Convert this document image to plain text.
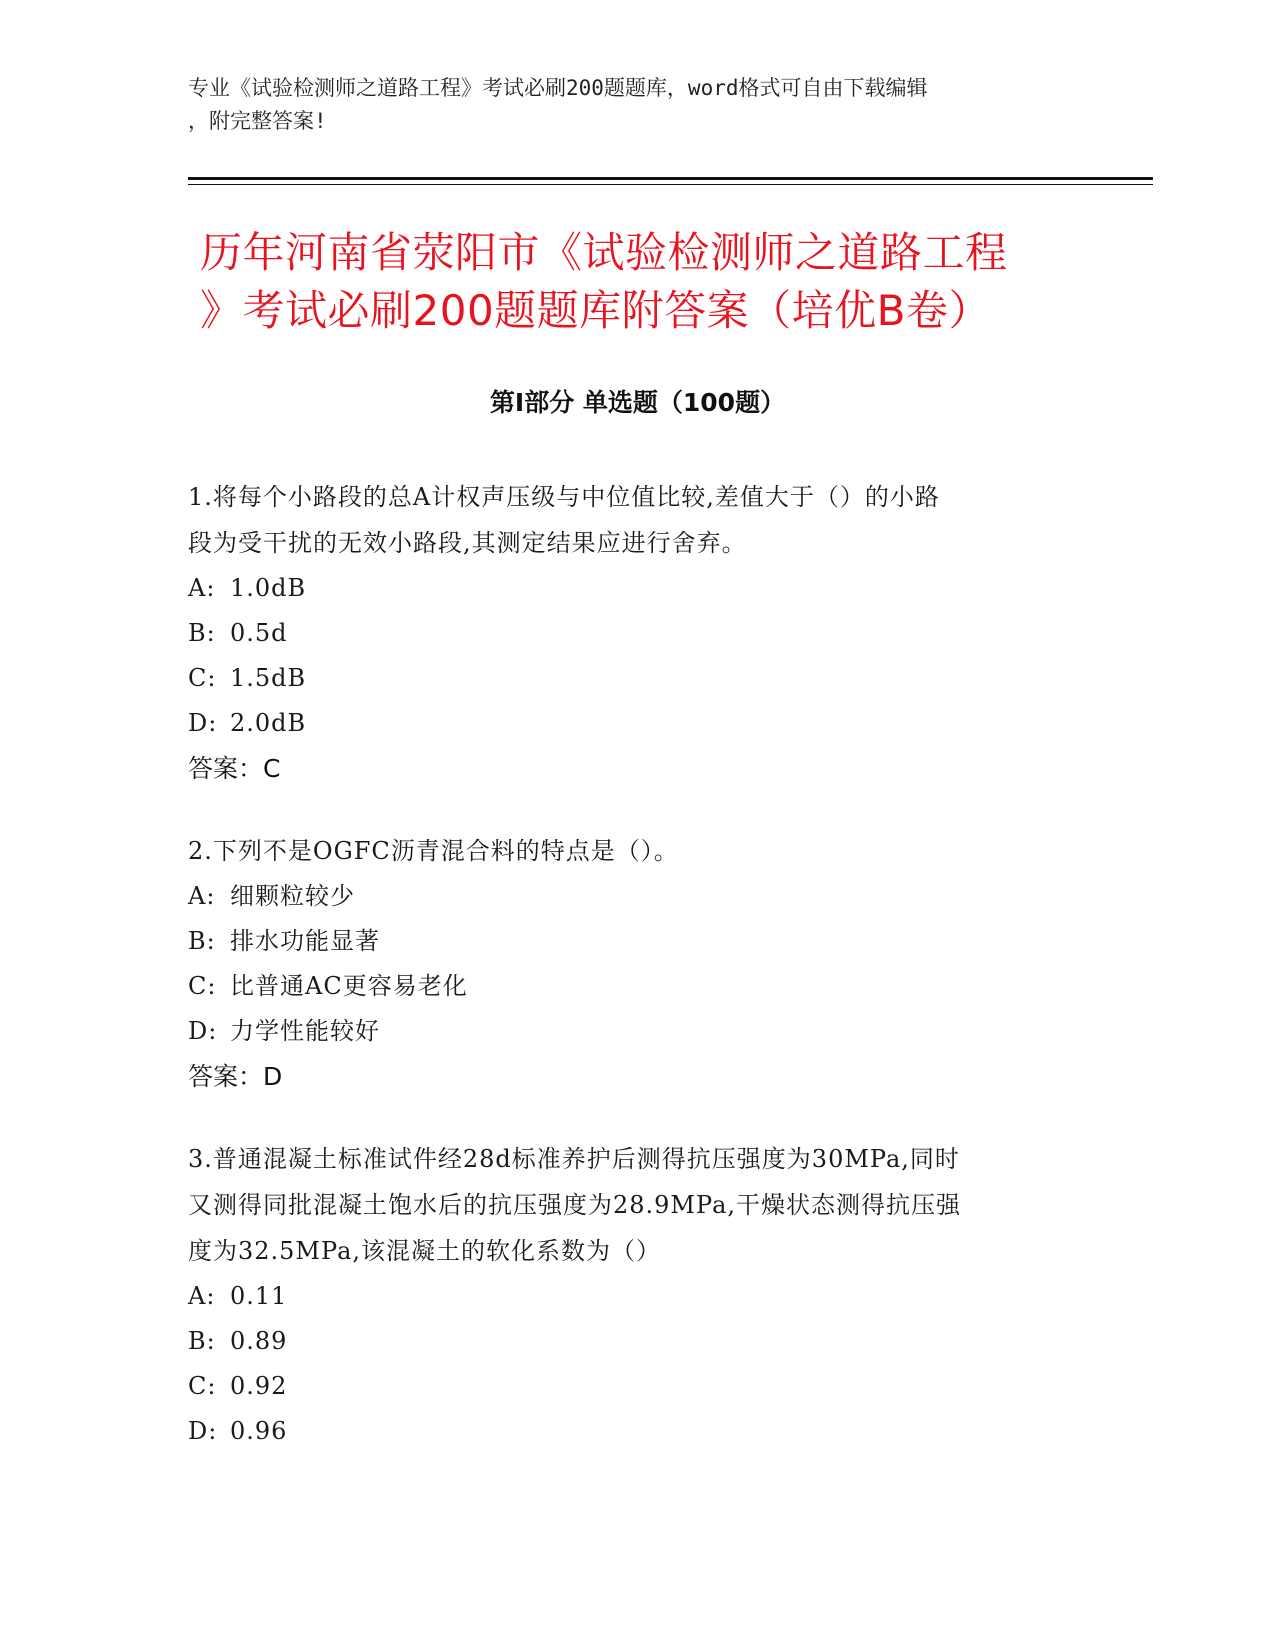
专业《试验检测师之道路工程》考试必刷200题题库，word格式可自由下载编辑

，附完整答案!

历年河南省荥阳市《试验检测师之道路工程
》考试必刷200题题库附答案（培优B卷）
第I部分 单选题（100题）

1.将每个小路段的总A计权声压级与中位值比较,差值大于（）的小路
段为受干扰的无效小路段,其测定结果应进行舍弃。

A: 1.0dB
B: 0.5d
C: 1.5dB
D: 2.0dB

答案：C

2.下列不是OGFC沥青混合料的特点是（）。

A: 细颗粒较少
B: 排水功能显著
C: 比普通AC更容易老化
D: 力学性能较好

答案：D

3.普通混凝土标准试件经28d标准养护后测得抗压强度为30MPa,同时
又测得同批混凝土饱水后的抗压强度为28.9MPa,干燥状态测得抗压强
度为32.5MPa,该混凝土的软化系数为（）

A: 0.11
B: 0.89
C: 0.92
D: 0.96
